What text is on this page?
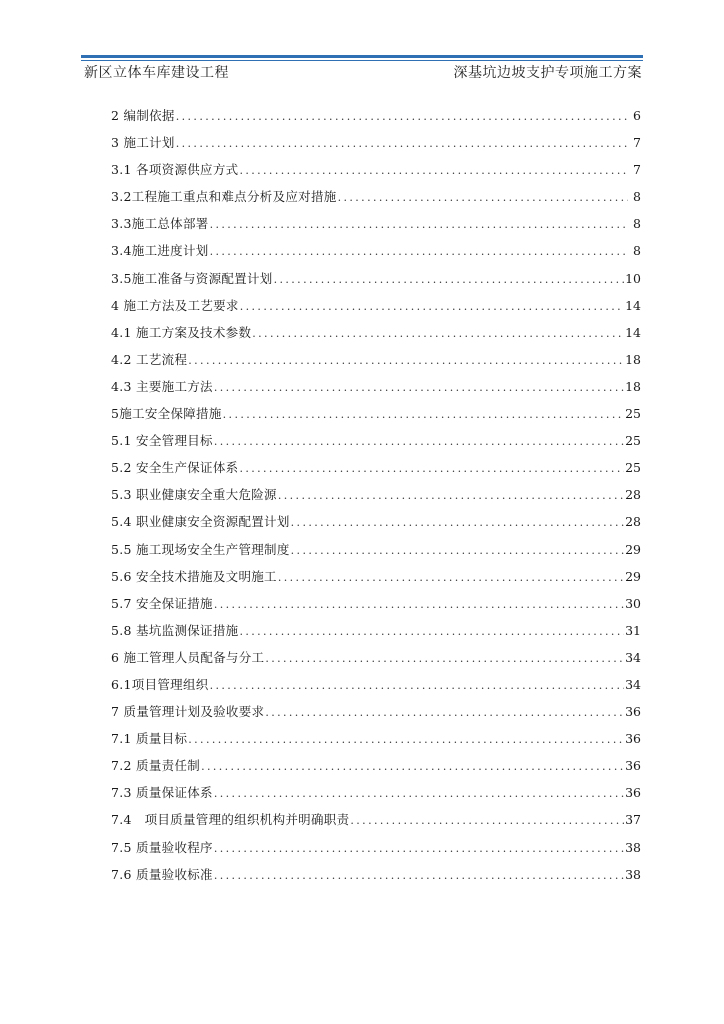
新区立体车库建设工程	深基坑边坡支护专项施工方案
2 编制依据 .....	6
3 施工计划 .....	7
3.1 各项资源供应方式 .....	7
3.2工程施工重点和难点分析及应对措施 .....	8
3.3施工总体部署 .....	8
3.4施工进度计划 .....	8
3.5施工准备与资源配置计划 .....	10
4 施工方法及工艺要求 .....	14
4.1 施工方案及技术参数 .....	14
4.2 工艺流程 .....	18
4.3 主要施工方法 .....	18
5施工安全保障措施 .....	25
5.1 安全管理目标 .....	25
5.2 安全生产保证体系 .....	25
5.3 职业健康安全重大危险源 .....	28
5.4 职业健康安全资源配置计划 .....	28
5.5 施工现场安全生产管理制度 .....	29
5.6 安全技术措施及文明施工 .....	29
5.7 安全保证措施 .....	30
5.8 基坑监测保证措施 .....	31
6 施工管理人员配备与分工 .....	34
6.1项目管理组织 .....	34
7 质量管理计划及验收要求 .....	36
7.1 质量目标 .....	36
7.2 质量责任制 .....	36
7.3 质量保证体系 .....	36
7.4　项目质量管理的组织机构并明确职责 .....	37
7.5 质量验收程序 .....	38
7.6 质量验收标准 .....	38
